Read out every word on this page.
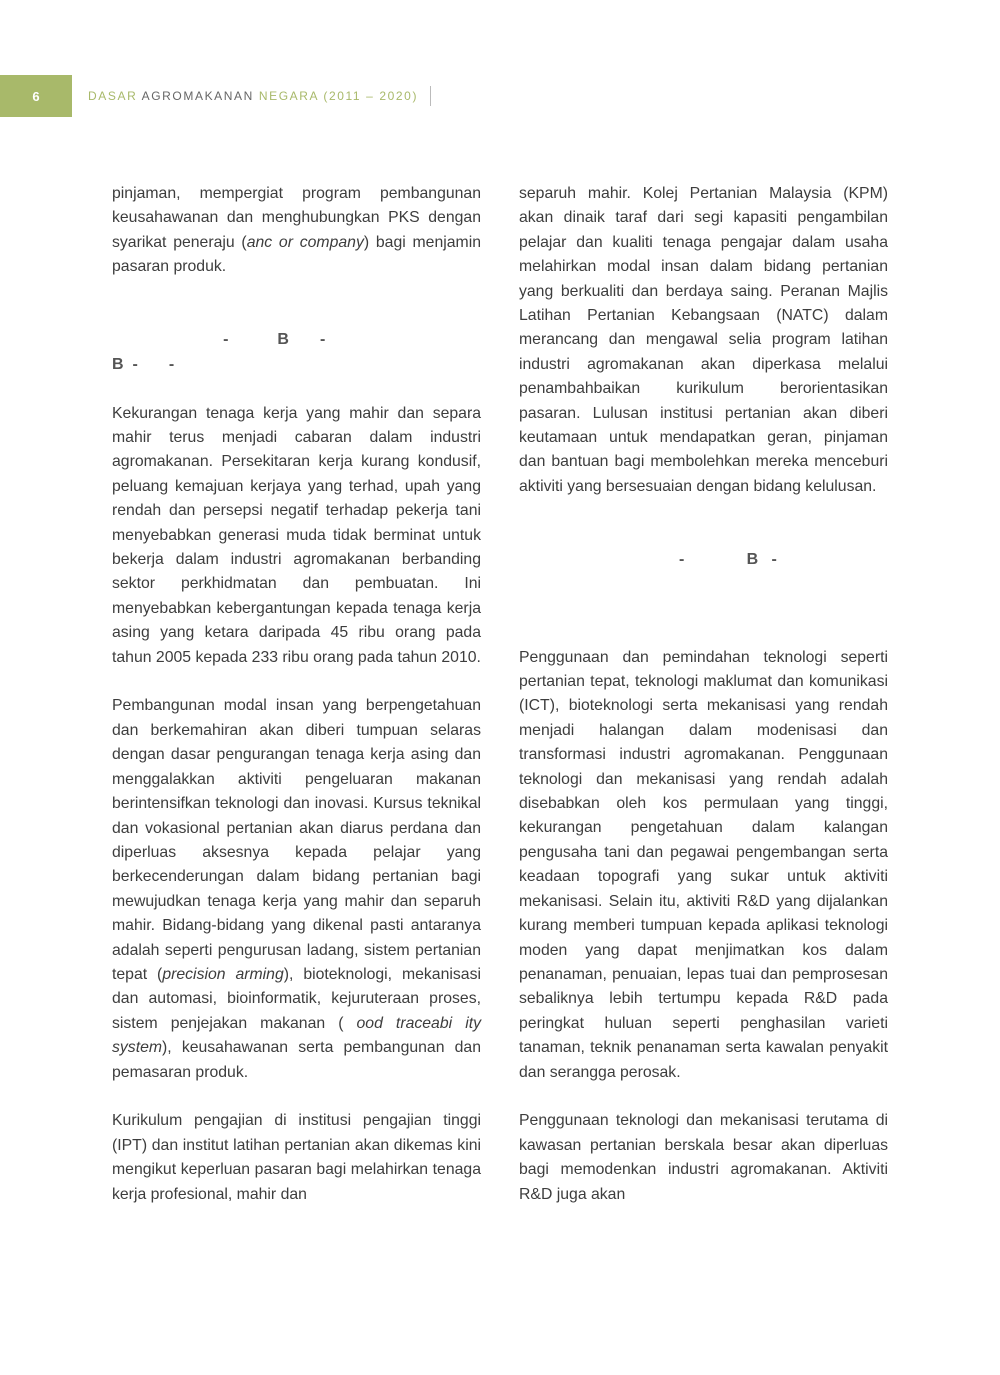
6	DASAR AGROMAKANAN NEGARA (2011 – 2020)

pinjaman, mempergiat program pembangunan keusahawanan dan menghubungkan PKS dengan syarikat peneraju (anc or company) bagi menjamin pasaran produk.

-           B       -
B  -       -

Kekurangan tenaga kerja yang mahir dan separa mahir terus menjadi cabaran dalam industri agromakanan. Persekitaran kerja kurang kondusif, peluang kemajuan kerjaya yang terhad, upah yang rendah dan persepsi negatif terhadap pekerja tani menyebabkan generasi muda tidak berminat untuk bekerja dalam industri agromakanan berbanding sektor perkhidmatan dan pembuatan. Ini menyebabkan kebergantungan kepada tenaga kerja asing yang ketara daripada 45 ribu orang pada tahun 2005 kepada 233 ribu orang pada tahun 2010.

Pembangunan modal insan yang berpengetahuan dan berkemahiran akan diberi tumpuan selaras dengan dasar pengurangan tenaga kerja asing dan menggalakkan aktiviti pengeluaran makanan berintensifkan teknologi dan inovasi. Kursus teknikal dan vokasional pertanian akan diarus perdana dan diperluas aksesnya kepada pelajar yang berkecenderungan dalam bidang pertanian bagi mewujudkan tenaga kerja yang mahir dan separuh mahir. Bidang-bidang yang dikenal pasti antaranya adalah seperti pengurusan ladang, sistem pertanian tepat (precision arming), bioteknologi, mekanisasi dan automasi, bioinformatik, kejuruteraan proses, sistem penjejakan makanan ( ood traceabi ity system), keusahawanan serta pembangunan dan pemasaran produk.

Kurikulum pengajian di institusi pengajian tinggi (IPT) dan institut latihan pertanian akan dikemas kini mengikut keperluan pasaran bagi melahirkan tenaga kerja profesional, mahir dan

separuh mahir. Kolej Pertanian Malaysia (KPM) akan dinaik taraf dari segi kapasiti pengambilan pelajar dan kualiti tenaga pengajar dalam usaha melahirkan modal insan dalam bidang pertanian yang berkualiti dan berdaya saing. Peranan Majlis Latihan Pertanian Kebangsaan (NATC) dalam merancang dan mengawal selia program latihan industri agromakanan akan diperkasa melalui penambahbaikan kurikulum berorientasikan pasaran. Lulusan institusi pertanian akan diberi keutamaan untuk mendapatkan geran, pinjaman dan bantuan bagi membolehkan mereka menceburi aktiviti yang bersesuaian dengan bidang kelulusan.

-              B   -

Penggunaan dan pemindahan teknologi seperti pertanian tepat, teknologi maklumat dan komunikasi (ICT), bioteknologi serta mekanisasi yang rendah menjadi halangan dalam modenisasi dan transformasi industri agromakanan. Penggunaan teknologi dan mekanisasi yang rendah adalah disebabkan oleh kos permulaan yang tinggi, kekurangan pengetahuan dalam kalangan pengusaha tani dan pegawai pengembangan serta keadaan topografi yang sukar untuk aktiviti mekanisasi. Selain itu, aktiviti R&D yang dijalankan kurang memberi tumpuan kepada aplikasi teknologi moden yang dapat menjimatkan kos dalam penanaman, penuaian, lepas tuai dan pemprosesan sebaliknya lebih tertumpu kepada R&D pada peringkat huluan seperti penghasilan varieti tanaman, teknik penanaman serta kawalan penyakit dan serangga perosak.

Penggunaan teknologi dan mekanisasi terutama di kawasan pertanian berskala besar akan diperluas bagi memodenkan industri agromakanan. Aktiviti R&D juga akan
